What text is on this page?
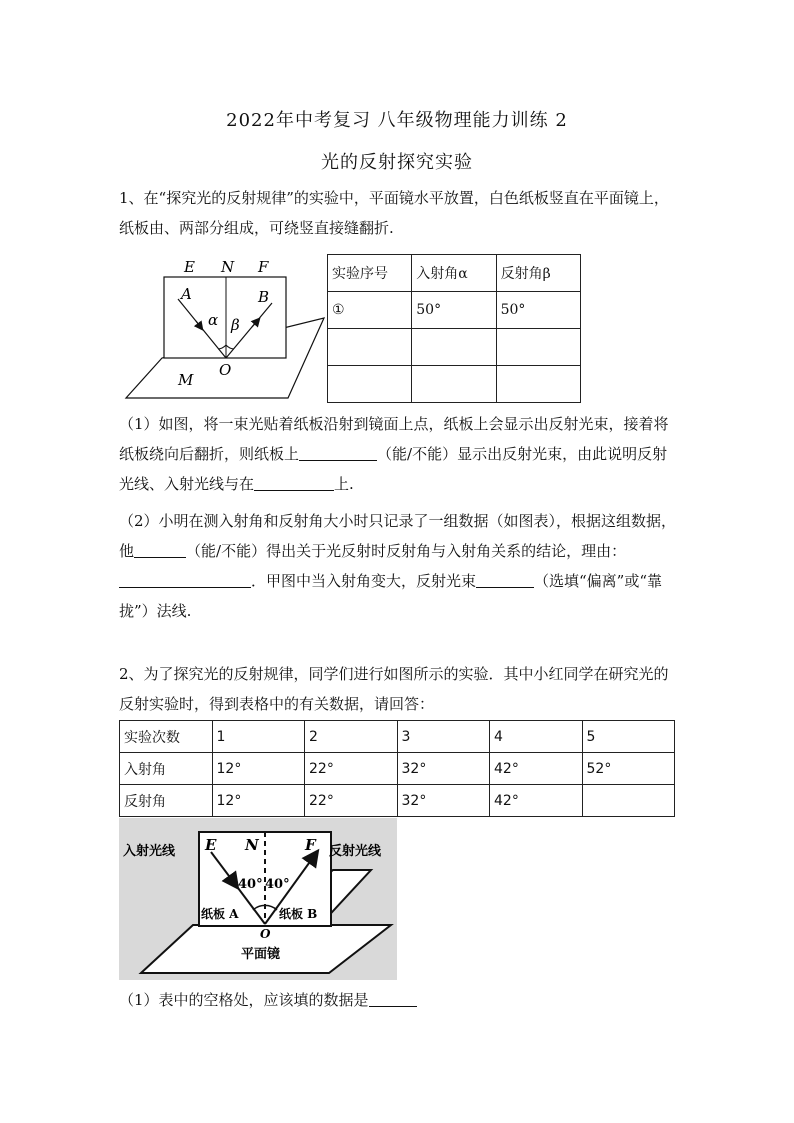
2022年中考复习 八年级物理能力训练 2
光的反射探究实验

1、在“探究光的反射规律”的实验中，平面镜水平放置，白色纸板竖直在平面镜上，纸板由、两部分组成，可绕竖直接缝翻折.

E N F
A	B
α β
O
M
实验序号	入射角α	反射角β
①	50°	50°

（1）如图，将一束光贴着纸板沿射到镜面上点，纸板上会显示出反射光束，接着将纸板绕向后翻折，则纸板上	（能/不能）显示出反射光束，由此说明反射光线、入射光线与在	上.

（2）小明在测入射角和反射角大小时只记录了一组数据（如图表），根据这组数据，他	（能/不能）得出关于光反射时反射角与入射角关系的结论，理由：．甲图中当入射角变大，反射光束	（选填“偏离”或“靠拢”）法线.

2、为了探究光的反射规律，同学们进行如图所示的实验．其中小红同学在研究光的反射实验时，得到表格中的有关数据，请回答：

实验次数	1	2	3	4	5
入射角	12°	22°	32°	42°	52°
反射角	12°	22°	32°	42°	
入射光线	反射光线
E N	F
40° 40°
纸板 A	纸板 B
O
平面镜

（1）表中的空格处，应该填的数据是
